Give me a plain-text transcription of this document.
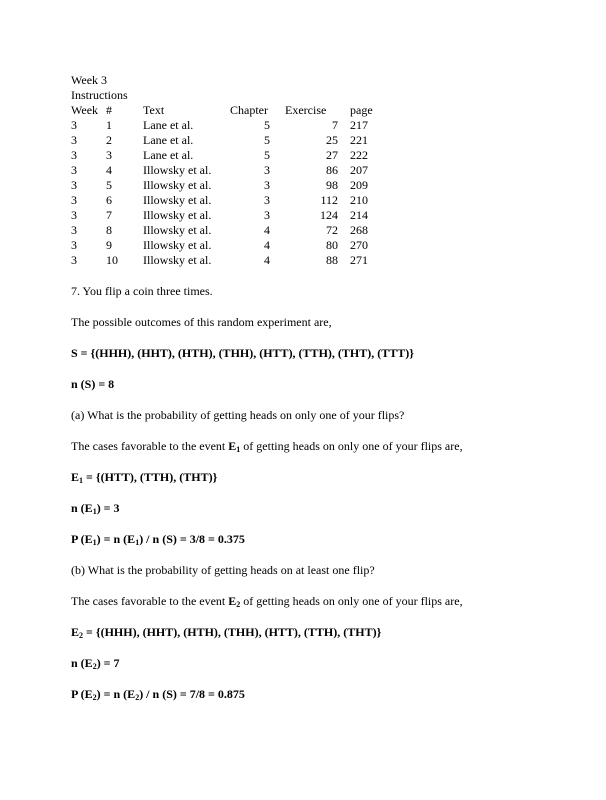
Week 3
Instructions
Week	#	Text	Chapter	Exercise	page
3	1	Lane et al.	5	7	217
3	2	Lane et al.	5	25	221
3	3	Lane et al.	5	27	222
3	4	Illowsky et al.	3	86	207
3	5	Illowsky et al.	3	98	209
3	6	Illowsky et al.	3	112	210
3	7	Illowsky et al.	3	124	214
3	8	Illowsky et al.	4	72	268
3	9	Illowsky et al.	4	80	270
3	10	Illowsky et al.	4	88	271
7. You flip a coin three times.
The possible outcomes of this random experiment are,
S = {(HHH), (HHT), (HTH), (THH), (HTT), (TTH), (THT), (TTT)}
n (S) = 8
(a) What is the probability of getting heads on only one of your flips?
The cases favorable to the event $E_1$ of getting heads on only one of your flips are,
$E_1 = \{(HTT)$, (TTH), (THT)}
n $(E_1) = 3$
P $(E_1) = n$ $(E_1)$ / n (S) = 3/8 = 0.375
(b) What is the probability of getting heads on at least one flip?
The cases favorable to the event $E_2$ of getting heads on only one of your flips are,
$E_2 = \{(HHH)$, (HHT), (HTH), (THH), (HTT), (TTH), (THT)}
n $(E_2) = 7$
P $(E_2) = n$ $(E_2)$ / n (S) = 7/8 = 0.875
